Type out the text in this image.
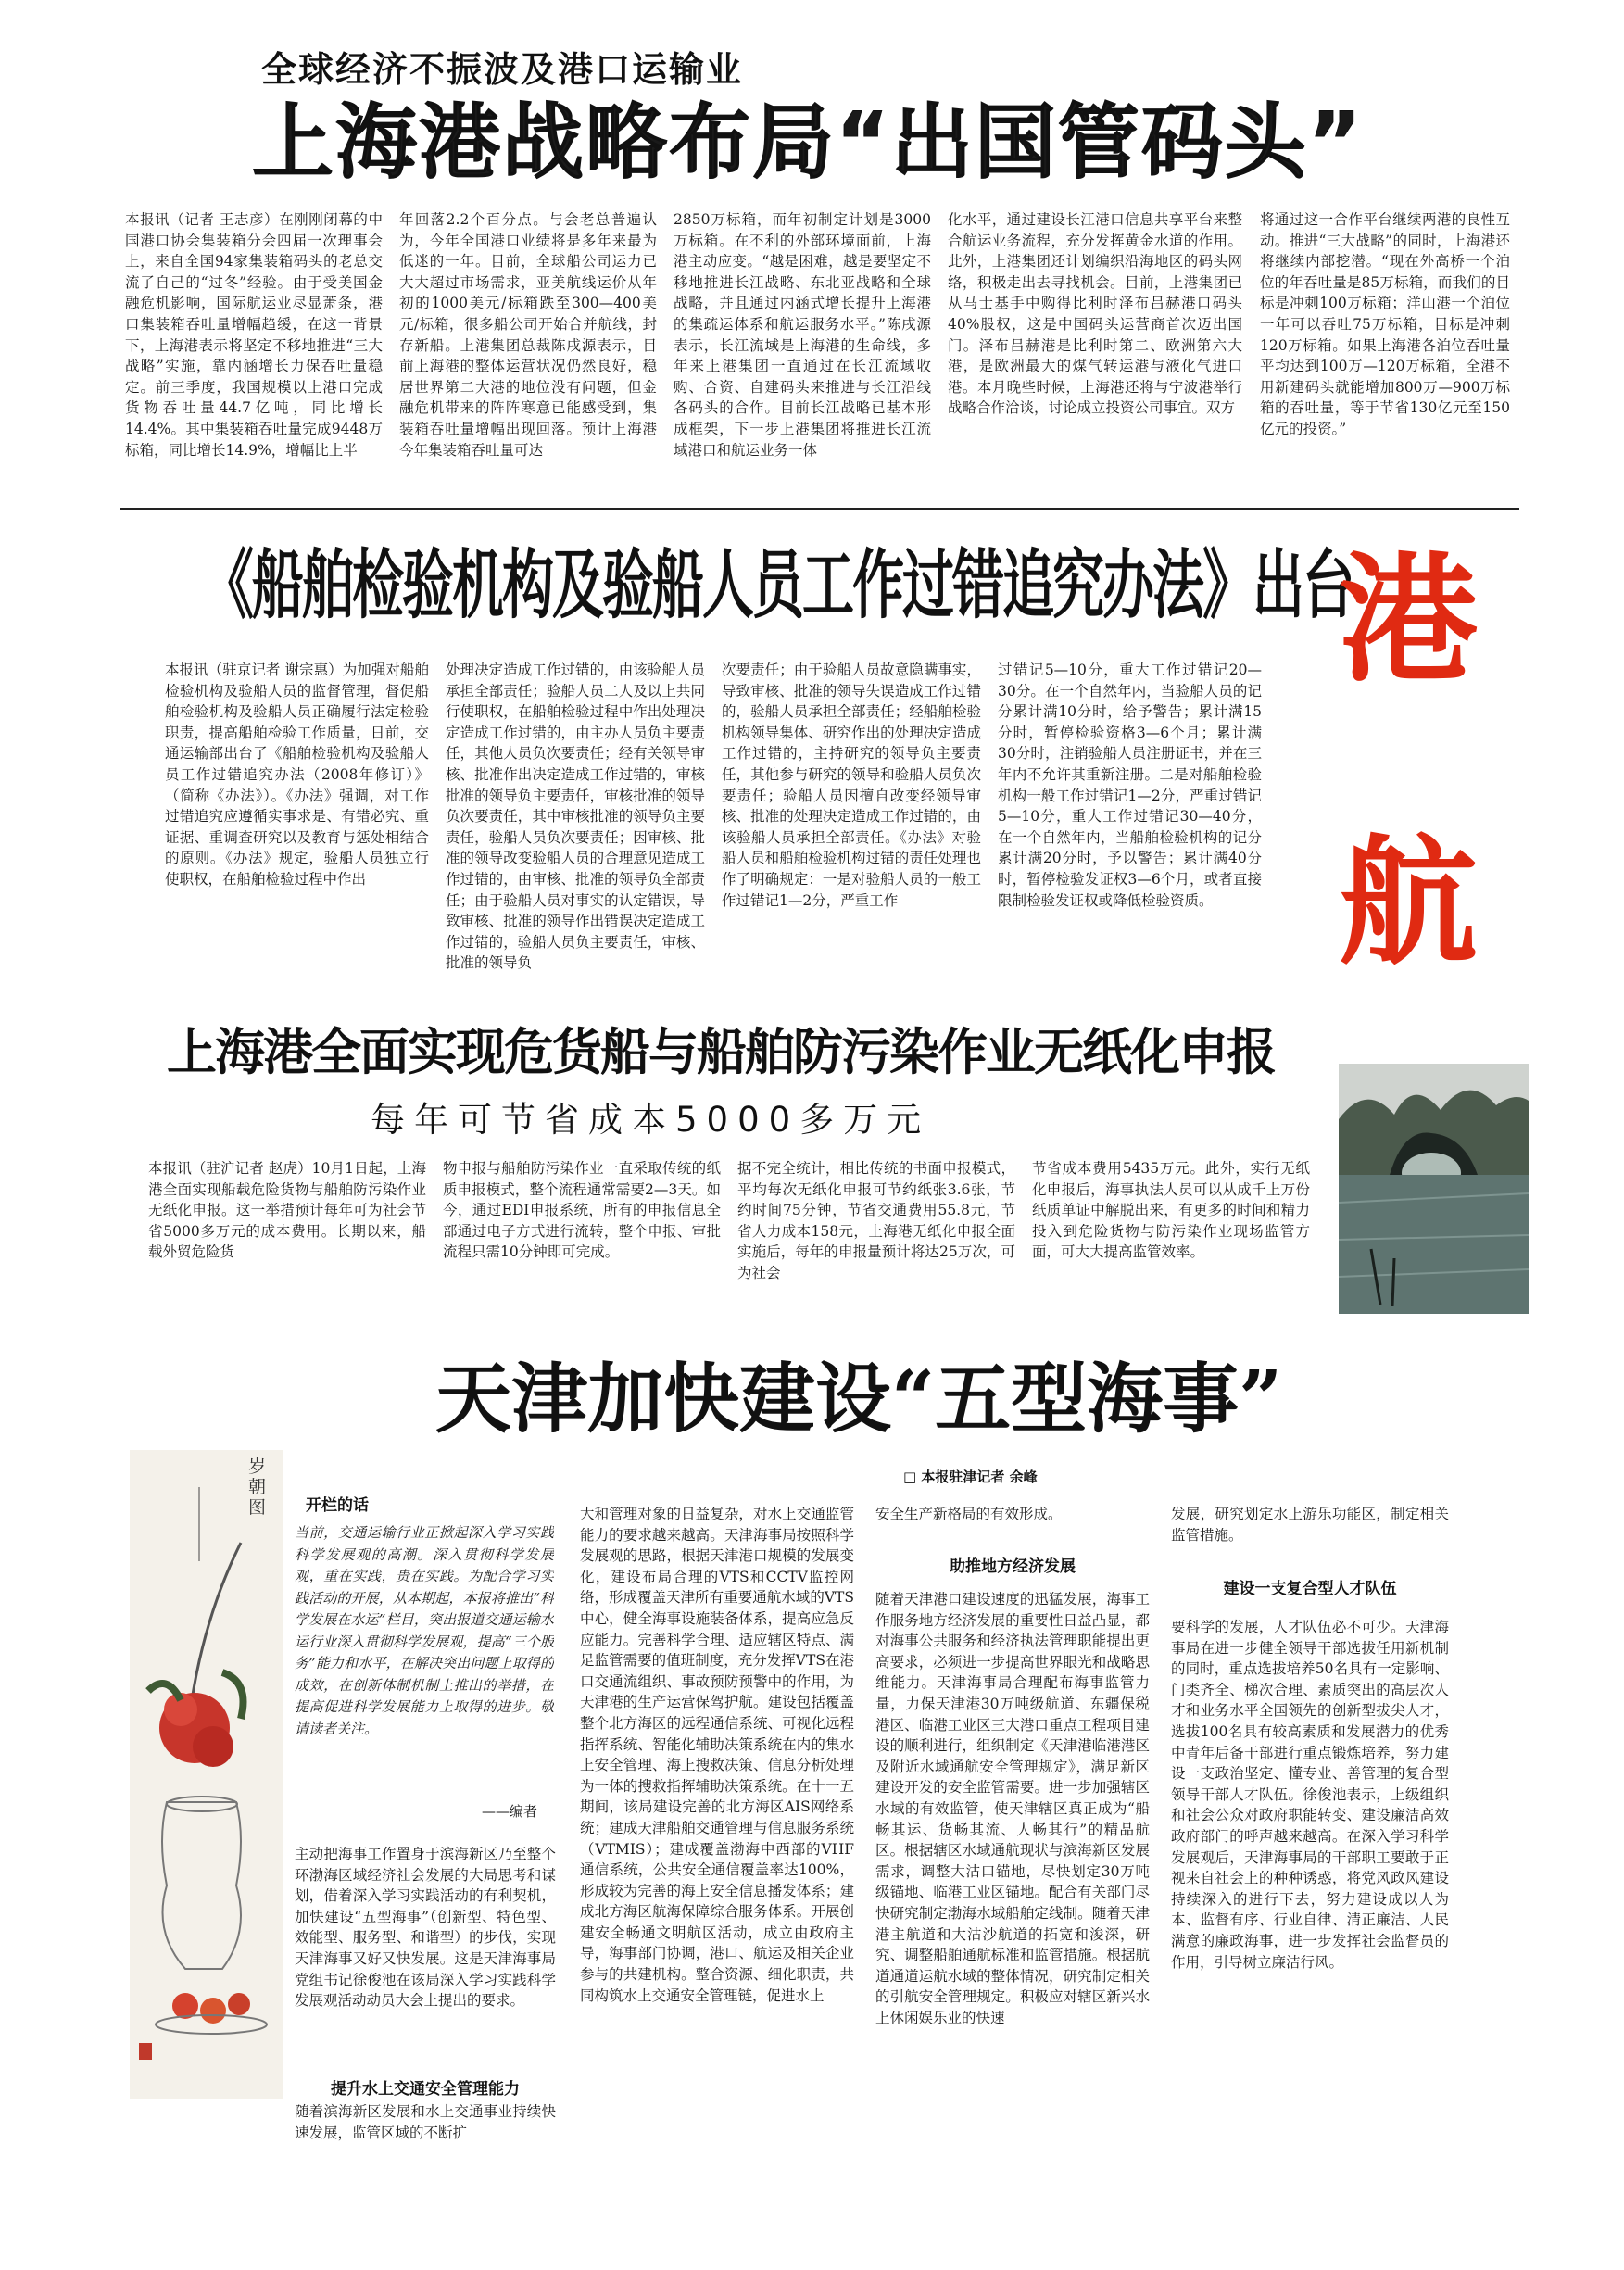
全球经济不振波及港口运输业
上海港战略布局“出国管码头”
本报讯（记者 王志彦）在刚刚闭幕的中国港口协会集装箱分会四届一次理事会上，来自全国94家集装箱码头的老总交流了自己的“过冬”经验。由于受美国金融危机影响，国际航运业尽显萧条，港口集装箱吞吐量增幅趋缓，在这一背景下，上海港表示将坚定不移地推进“三大战略”实施，靠内涵增长力保吞吐量稳定。前三季度，我国规模以上港口完成货物吞吐量44.7亿吨，同比增长14.4%。其中集装箱吞吐量完成9448万标箱，同比增长14.9%，增幅比上半
年回落2.2个百分点。与会老总普遍认为，今年全国港口业绩将是多年来最为低迷的一年。目前，全球船公司运力已大大超过市场需求，亚美航线运价从年初的1000美元/标箱跌至300—400美元/标箱，很多船公司开始合并航线，封存新船。上港集团总裁陈戌源表示，目前上海港的整体运营状况仍然良好，稳居世界第二大港的地位没有问题，但金融危机带来的阵阵寒意已能感受到，集装箱吞吐量增幅出现回落。预计上海港今年集装箱吞吐量可达
2850万标箱，而年初制定计划是3000万标箱。在不利的外部环境面前，上海港主动应变。“越是困难，越是要坚定不移地推进长江战略、东北亚战略和全球战略，并且通过内涵式增长提升上海港的集疏运体系和航运服务水平。”陈戌源表示，长江流域是上海港的生命线，多年来上港集团一直通过在长江流域收购、合资、自建码头来推进与长江沿线各码头的合作。目前长江战略已基本形成框架，下一步上港集团将推进长江流域港口和航运业务一体
化水平，通过建设长江港口信息共享平台来整合航运业务流程，充分发挥黄金水道的作用。此外，上港集团还计划编织沿海地区的码头网络，积极走出去寻找机会。目前，上港集团已从马士基手中购得比利时泽布吕赫港口码头40%股权，这是中国码头运营商首次迈出国门。泽布吕赫港是比利时第二、欧洲第六大港，是欧洲最大的煤气转运港与液化气进口港。本月晚些时候，上海港还将与宁波港举行战略合作洽谈，讨论成立投资公司事宜。双方
将通过这一合作平台继续两港的良性互动。推进“三大战略”的同时，上海港还将继续内部挖潜。“现在外高桥一个泊位的年吞吐量是85万标箱，而我们的目标是冲刺100万标箱；洋山港一个泊位一年可以吞吐75万标箱，目标是冲刺120万标箱。如果上海港各泊位吞吐量平均达到100万—120万标箱，全港不用新建码头就能增加800万—900万标箱的吞吐量，等于节省130亿元至150亿元的投资。”
《船舶检验机构及验船人员工作过错追究办法》出台
本报讯（驻京记者 谢宗惠）为加强对船舶检验机构及验船人员的监督管理，督促船舶检验机构及验船人员正确履行法定检验职责，提高船舶检验工作质量，日前，交通运输部出台了《船舶检验机构及验船人员工作过错追究办法（2008年修订）》（简称《办法》）。《办法》强调，对工作过错追究应遵循实事求是、有错必究、重证据、重调查研究以及教育与惩处相结合的原则。《办法》规定，验船人员独立行使职权，在船舶检验过程中作出
处理决定造成工作过错的，由该验船人员承担全部责任；验船人员二人及以上共同行使职权，在船舶检验过程中作出处理决定造成工作过错的，由主办人员负主要责任，其他人员负次要责任；经有关领导审核、批准作出决定造成工作过错的，审核批准的领导负主要责任，审核批准的领导负次要责任，其中审核批准的领导负主要责任，验船人员负次要责任；因审核、批准的领导改变验船人员的合理意见造成工作过错的，由审核、批准的领导负全部责任；由于验船人员对事实的认定错误，导致审核、批准的领导作出错误决定造成工作过错的，验船人员负主要责任，审核、批准的领导负
次要责任；由于验船人员故意隐瞒事实，导致审核、批准的领导失误造成工作过错的，验船人员承担全部责任；经船舶检验机构领导集体、研究作出的处理决定造成工作过错的，主持研究的领导负主要责任，其他参与研究的领导和验船人员负次要责任；验船人员因擅自改变经领导审核、批准的处理决定造成工作过错的，由该验船人员承担全部责任。《办法》对验船人员和船舶检验机构过错的责任处理也作了明确规定：一是对验船人员的一般工作过错记1—2分，严重工作
过错记5—10分，重大工作过错记20—30分。在一个自然年内，当验船人员的记分累计满10分时，给予警告；累计满15分时，暂停检验资格3—6个月；累计满30分时，注销验船人员注册证书，并在三年内不允许其重新注册。二是对船舶检验机构一般工作过错记1—2分，严重过错记5—10分，重大工作过错记30—40分，在一个自然年内，当船舶检验机构的记分累计满20分时，予以警告；累计满40分时，暂停检验发证权3—6个月，或者直接限制检验发证权或降低检验资质。
港
航
上海港全面实现危货船与船舶防污染作业无纸化申报
每年可节省成本5000多万元
本报讯（驻沪记者 赵虎）10月1日起，上海港全面实现船载危险货物与船舶防污染作业无纸化申报。这一举措预计每年可为社会节省5000多万元的成本费用。长期以来，船载外贸危险货
物申报与船舶防污染作业一直采取传统的纸质申报模式，整个流程通常需要2—3天。如今，通过EDI申报系统，所有的申报信息全部通过电子方式进行流转，整个申报、审批流程只需10分钟即可完成。
据不完全统计，相比传统的书面申报模式，平均每次无纸化申报可节约纸张3.6张，节约时间75分钟，节省交通费用55.8元，节省人力成本158元，上海港无纸化申报全面实施后，每年的申报量预计将达25万次，可为社会
节省成本费用5435万元。此外，实行无纸化申报后，海事执法人员可以从成千上万份纸质单证中解脱出来，有更多的时间和精力投入到危险货物与防污染作业现场监管方面，可大大提高监管效率。
天津加快建设“五型海事”
□ 本报驻津记者 余峰
岁朝图	开栏的话
当前，交通运输行业正掀起深入学习实践科学发展观的高潮。深入贯彻科学发展观，重在实践，贵在实践。为配合学习实践活动的开展，从本期起，本报将推出“科学发展在水运”栏目，突出报道交通运输水运行业深入贯彻科学发展观，提高“三个服务”能力和水平，在解决突出问题上取得的成效，在创新体制机制上推出的举措，在提高促进科学发展能力上取得的进步。敬请读者关注。
——编者
主动把海事工作置身于滨海新区乃至整个环渤海区域经济社会发展的大局思考和谋划，借着深入学习实践活动的有利契机，加快建设“五型海事”（创新型、特色型、效能型、服务型、和谐型）的步伐，实现天津海事又好又快发展。这是天津海事局党组书记徐俊池在该局深入学习实践科学发展观活动动员大会上提出的要求。
提升水上交通安全管理能力
随着滨海新区发展和水上交通事业持续快速发展，监管区域的不断扩
大和管理对象的日益复杂，对水上交通监管能力的要求越来越高。天津海事局按照科学发展观的思路，根据天津港口规模的发展变化，建设布局合理的VTS和CCTV监控网络，形成覆盖天津所有重要通航水域的VTS中心，健全海事设施装备体系，提高应急反应能力。完善科学合理、适应辖区特点、满足监管需要的值班制度，充分发挥VTS在港口交通流组织、事故预防预警中的作用，为天津港的生产运营保驾护航。建设包括覆盖整个北方海区的远程通信系统、可视化远程指挥系统、智能化辅助决策系统在内的集水上安全管理、海上搜救决策、信息分析处理为一体的搜救指挥辅助决策系统。在十一五期间，该局建设完善的北方海区AIS网络系统；建成天津船舶交通管理与信息服务系统（VTMIS）；建成覆盖渤海中西部的VHF通信系统，公共安全通信覆盖率达100%，形成较为完善的海上安全信息播发体系；建成北方海区航海保障综合服务体系。开展创建安全畅通文明航区活动，成立由政府主导，海事部门协调，港口、航运及相关企业参与的共建机构。整合资源、细化职责，共同构筑水上交通安全管理链，促进水上
安全生产新格局的有效形成。
助推地方经济发展
随着天津港口建设速度的迅猛发展，海事工作服务地方经济发展的重要性日益凸显，都对海事公共服务和经济执法管理职能提出更高要求，必须进一步提高世界眼光和战略思维能力。天津海事局合理配布海事监管力量，力保天津港30万吨级航道、东疆保税港区、临港工业区三大港口重点工程项目建设的顺利进行，组织制定《天津港临港港区及附近水域通航安全管理规定》，满足新区建设开发的安全监管需要。进一步加强辖区水域的有效监管，使天津辖区真正成为“船畅其运、货畅其流、人畅其行”的精品航区。根据辖区水域通航现状与滨海新区发展需求，调整大沽口锚地，尽快划定30万吨级锚地、临港工业区锚地。配合有关部门尽快研究制定渤海水域船舶定线制。随着天津港主航道和大沽沙航道的拓宽和浚深，研究、调整船舶通航标准和监管措施。根据航道通道运航水域的整体情况，研究制定相关的引航安全管理规定。积极应对辖区新兴水上休闲娱乐业的快速
发展，研究划定水上游乐功能区，制定相关监管措施。
建设一支复合型人才队伍
要科学的发展，人才队伍必不可少。天津海事局在进一步健全领导干部选拔任用新机制的同时，重点选拔培养50名具有一定影响、门类齐全、梯次合理、素质突出的高层次人才和业务水平全国领先的创新型拔尖人才，选拔100名具有较高素质和发展潜力的优秀中青年后备干部进行重点锻炼培养，努力建设一支政治坚定、懂专业、善管理的复合型领导干部人才队伍。徐俊池表示，上级组织和社会公众对政府职能转变、建设廉洁高效政府部门的呼声越来越高。在深入学习科学发展观后，天津海事局的干部职工要敢于正视来自社会上的种种诱惑，将党风政风建设持续深入的进行下去，努力建设成以人为本、监督有序、行业自律、清正廉洁、人民满意的廉政海事，进一步发挥社会监督员的作用，引导树立廉洁行风。
